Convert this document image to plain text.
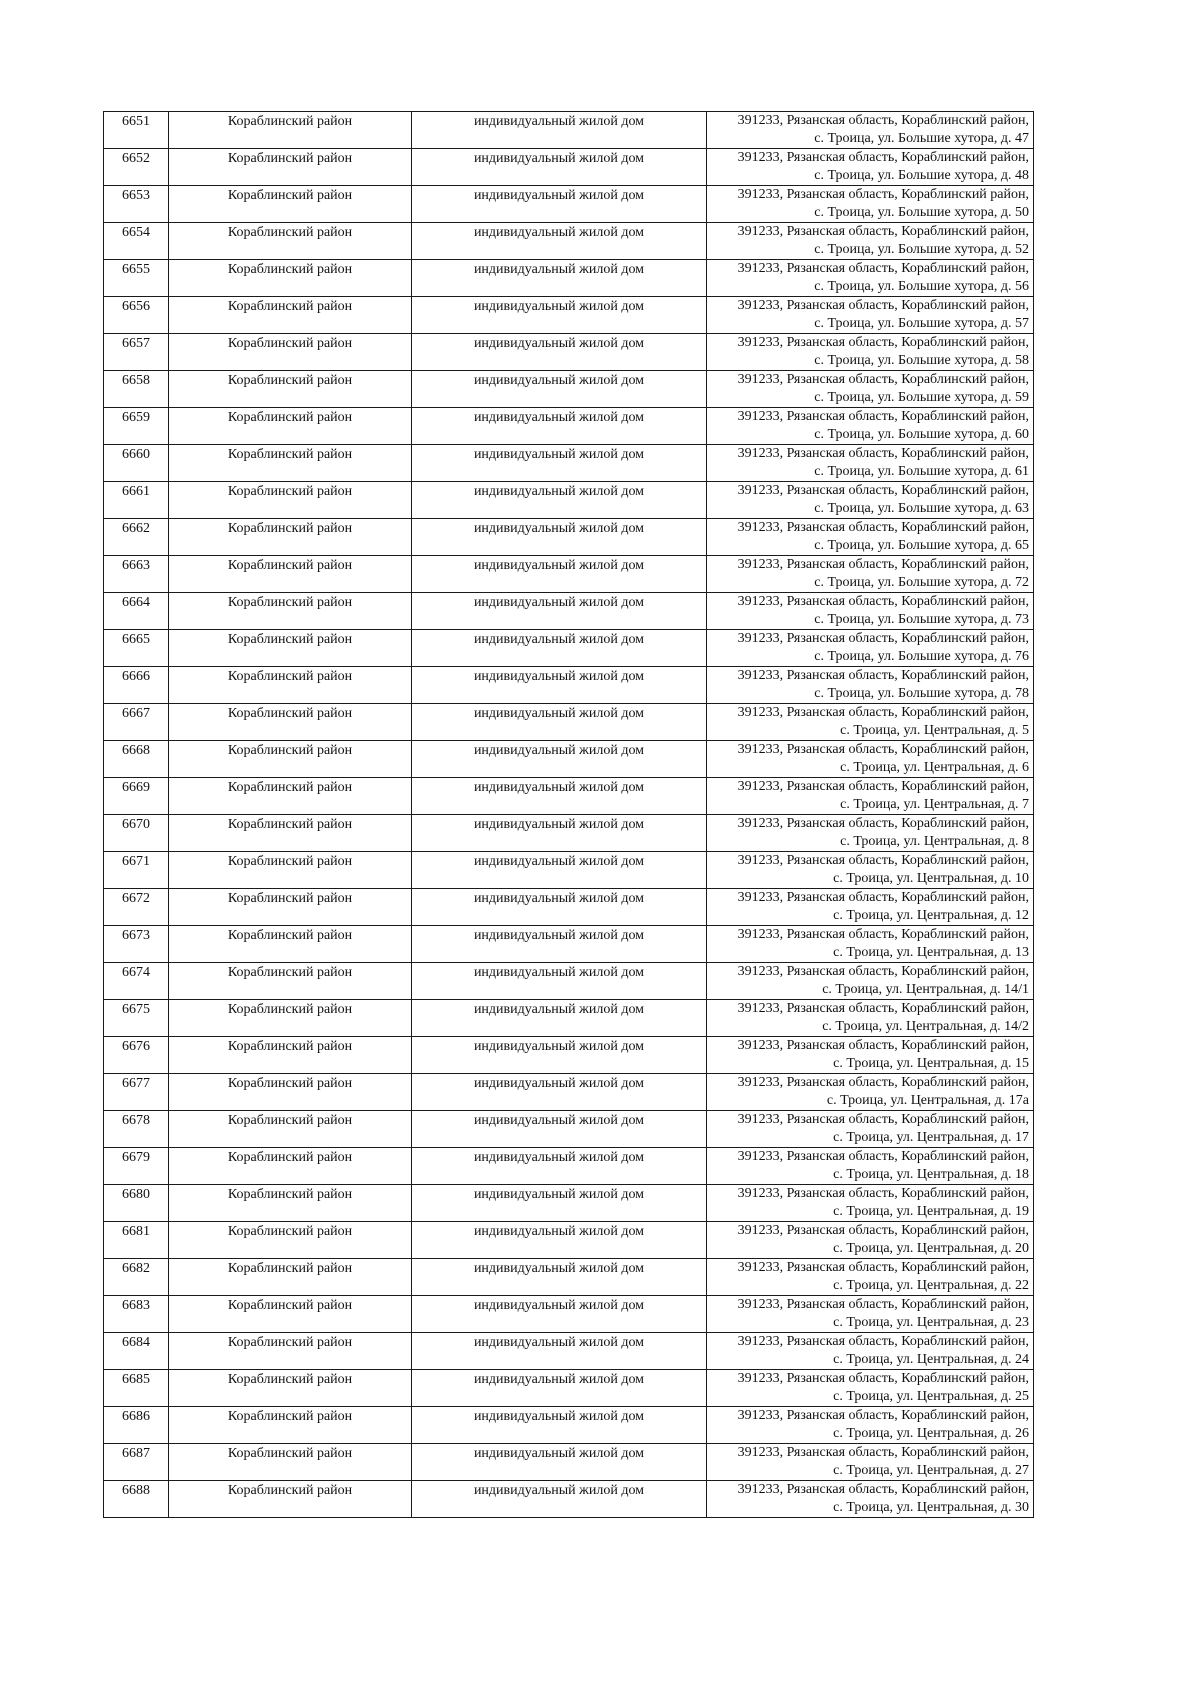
6651	Кораблинский район	индивидуальный жилой дом	391233, Рязанская область, Кораблинский район,
с. Троица, ул. Большие хутора, д. 47

6652	Кораблинский район	индивидуальный жилой дом	391233, Рязанская область, Кораблинский район,
с. Троица, ул. Большие хутора, д. 48

6653	Кораблинский район	индивидуальный жилой дом	391233, Рязанская область, Кораблинский район,
с. Троица, ул. Большие хутора, д. 50

6654	Кораблинский район	индивидуальный жилой дом	391233, Рязанская область, Кораблинский район,
с. Троица, ул. Большие хутора, д. 52

6655	Кораблинский район	индивидуальный жилой дом	391233, Рязанская область, Кораблинский район,
с. Троица, ул. Большие хутора, д. 56

6656	Кораблинский район	индивидуальный жилой дом	391233, Рязанская область, Кораблинский район,
с. Троица, ул. Большие хутора, д. 57

6657	Кораблинский район	индивидуальный жилой дом	391233, Рязанская область, Кораблинский район,
с. Троица, ул. Большие хутора, д. 58

6658	Кораблинский район	индивидуальный жилой дом	391233, Рязанская область, Кораблинский район,
с. Троица, ул. Большие хутора, д. 59

6659	Кораблинский район	индивидуальный жилой дом	391233, Рязанская область, Кораблинский район,
с. Троица, ул. Большие хутора, д. 60

6660	Кораблинский район	индивидуальный жилой дом	391233, Рязанская область, Кораблинский район,
с. Троица, ул. Большие хутора, д. 61

6661	Кораблинский район	индивидуальный жилой дом	391233, Рязанская область, Кораблинский район,
с. Троица, ул. Большие хутора, д. 63

6662	Кораблинский район	индивидуальный жилой дом	391233, Рязанская область, Кораблинский район,
с. Троица, ул. Большие хутора, д. 65

6663	Кораблинский район	индивидуальный жилой дом	391233, Рязанская область, Кораблинский район,
с. Троица, ул. Большие хутора, д. 72

6664	Кораблинский район	индивидуальный жилой дом	391233, Рязанская область, Кораблинский район,
с. Троица, ул. Большие хутора, д. 73

6665	Кораблинский район	индивидуальный жилой дом	391233, Рязанская область, Кораблинский район,
с. Троица, ул. Большие хутора, д. 76

6666	Кораблинский район	индивидуальный жилой дом	391233, Рязанская область, Кораблинский район,
с. Троица, ул. Большие хутора, д. 78

6667	Кораблинский район	индивидуальный жилой дом	391233, Рязанская область, Кораблинский район,
с. Троица, ул. Центральная, д. 5

6668	Кораблинский район	индивидуальный жилой дом	391233, Рязанская область, Кораблинский район,
с. Троица, ул. Центральная, д. 6

6669	Кораблинский район	индивидуальный жилой дом	391233, Рязанская область, Кораблинский район,
с. Троица, ул. Центральная, д. 7

6670	Кораблинский район	индивидуальный жилой дом	391233, Рязанская область, Кораблинский район,
с. Троица, ул. Центральная, д. 8

6671	Кораблинский район	индивидуальный жилой дом	391233, Рязанская область, Кораблинский район,
с. Троица, ул. Центральная, д. 10

6672	Кораблинский район	индивидуальный жилой дом	391233, Рязанская область, Кораблинский район,
с. Троица, ул. Центральная, д. 12

6673	Кораблинский район	индивидуальный жилой дом	391233, Рязанская область, Кораблинский район,
с. Троица, ул. Центральная, д. 13

6674	Кораблинский район	индивидуальный жилой дом	391233, Рязанская область, Кораблинский район,
с. Троица, ул. Центральная, д. 14/1

6675	Кораблинский район	индивидуальный жилой дом	391233, Рязанская область, Кораблинский район,
с. Троица, ул. Центральная, д. 14/2

6676	Кораблинский район	индивидуальный жилой дом	391233, Рязанская область, Кораблинский район,
с. Троица, ул. Центральная, д. 15

6677	Кораблинский район	индивидуальный жилой дом	391233, Рязанская область, Кораблинский район,
с. Троица, ул. Центральная, д. 17а

6678	Кораблинский район	индивидуальный жилой дом	391233, Рязанская область, Кораблинский район,
с. Троица, ул. Центральная, д. 17

6679	Кораблинский район	индивидуальный жилой дом	391233, Рязанская область, Кораблинский район,
с. Троица, ул. Центральная, д. 18

6680	Кораблинский район	индивидуальный жилой дом	391233, Рязанская область, Кораблинский район,
с. Троица, ул. Центральная, д. 19

6681	Кораблинский район	индивидуальный жилой дом	391233, Рязанская область, Кораблинский район,
с. Троица, ул. Центральная, д. 20

6682	Кораблинский район	индивидуальный жилой дом	391233, Рязанская область, Кораблинский район,
с. Троица, ул. Центральная, д. 22

6683	Кораблинский район	индивидуальный жилой дом	391233, Рязанская область, Кораблинский район,
с. Троица, ул. Центральная, д. 23

6684	Кораблинский район	индивидуальный жилой дом	391233, Рязанская область, Кораблинский район,
с. Троица, ул. Центральная, д. 24

6685	Кораблинский район	индивидуальный жилой дом	391233, Рязанская область, Кораблинский район,
с. Троица, ул. Центральная, д. 25

6686	Кораблинский район	индивидуальный жилой дом	391233, Рязанская область, Кораблинский район,
с. Троица, ул. Центральная, д. 26

6687	Кораблинский район	индивидуальный жилой дом	391233, Рязанская область, Кораблинский район,
с. Троица, ул. Центральная, д. 27

6688	Кораблинский район	индивидуальный жилой дом	391233, Рязанская область, Кораблинский район,
с. Троица, ул. Центральная, д. 30
